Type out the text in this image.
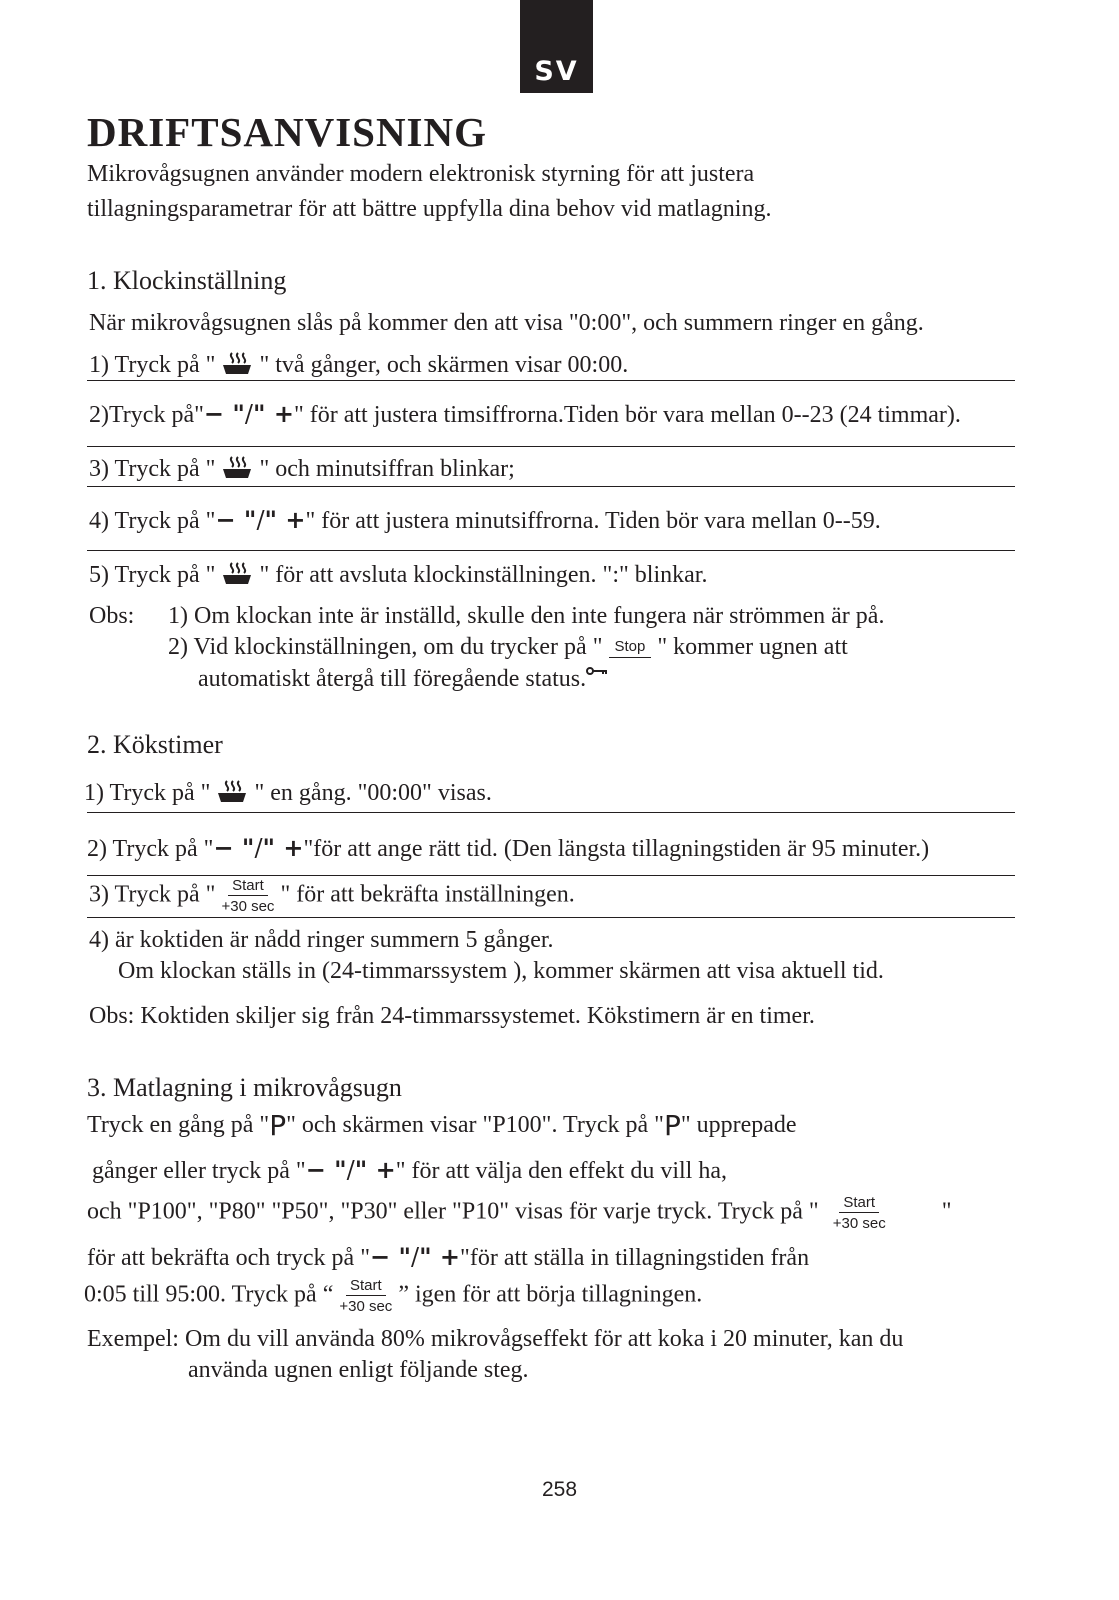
SV
DRIFTSANVISNING
Mikrovågsugnen använder modern elektronisk styrning för att justera
tillagningsparametrar för att bättre uppfylla dina behov vid matlagning.
1. Klockinställning
När mikrovågsugnen slås på kommer den att visa "0:00", och summern ringer en gång.
1) Tryck på " " två gånger, och skärmen visar 00:00.
2)Tryck på"− "/" +" för att justera timsiffrorna.Tiden bör vara mellan 0--23 (24 timmar).
3) Tryck på " " och minutsiffran blinkar;
4) Tryck på "− "/" +" för att justera minutsiffrorna. Tiden bör vara mellan 0--59.
5) Tryck på " " för att avsluta klockinställningen. ":" blinkar.
Obs: 1) Om klockan inte är inställd, skulle den inte fungera när strömmen är på.
2) Vid klockinställningen, om du trycker på " Stop " kommer ugnen att
automatiskt återgå till föregående status.
2. Kökstimer
1) Tryck på " " en gång. "00:00" visas.
2) Tryck på "− "/" +"för att ange rätt tid. (Den längsta tillagningstiden är 95 minuter.)
3) Tryck på " $\frac{\text{Start}}{+30 \sec}$ " för att bekräfta inställningen.
4) är koktiden är nådd ringer summern 5 gånger.
Om klockan ställs in (24-timmarssystem ), kommer skärmen att visa aktuell tid.
Obs: Koktiden skiljer sig från 24-timmarssystemet. Kökstimern är en timer.
3. Matlagning i mikrovågsugn
Tryck en gång på "P" och skärmen visar "P100". Tryck på "P" upprepade
gånger eller tryck på "− "/" +" för att välja den effekt du vill ha,
och "P100", "P80" "P50", "P30" eller "P10" visas för varje tryck. Tryck på " $\frac{\text{Start}}{+30 \sec}$ "
för att bekräfta och tryck på "− "/" +"för att ställa in tillagningstiden från
0:05 till 95:00. Tryck på “ $\frac{\text{Start}}{+30 \sec}$ ” igen för att börja tillagningen.
Exempel: Om du vill använda 80% mikrovågseffekt för att koka i 20 minuter, kan du
använda ugnen enligt följande steg.
258
